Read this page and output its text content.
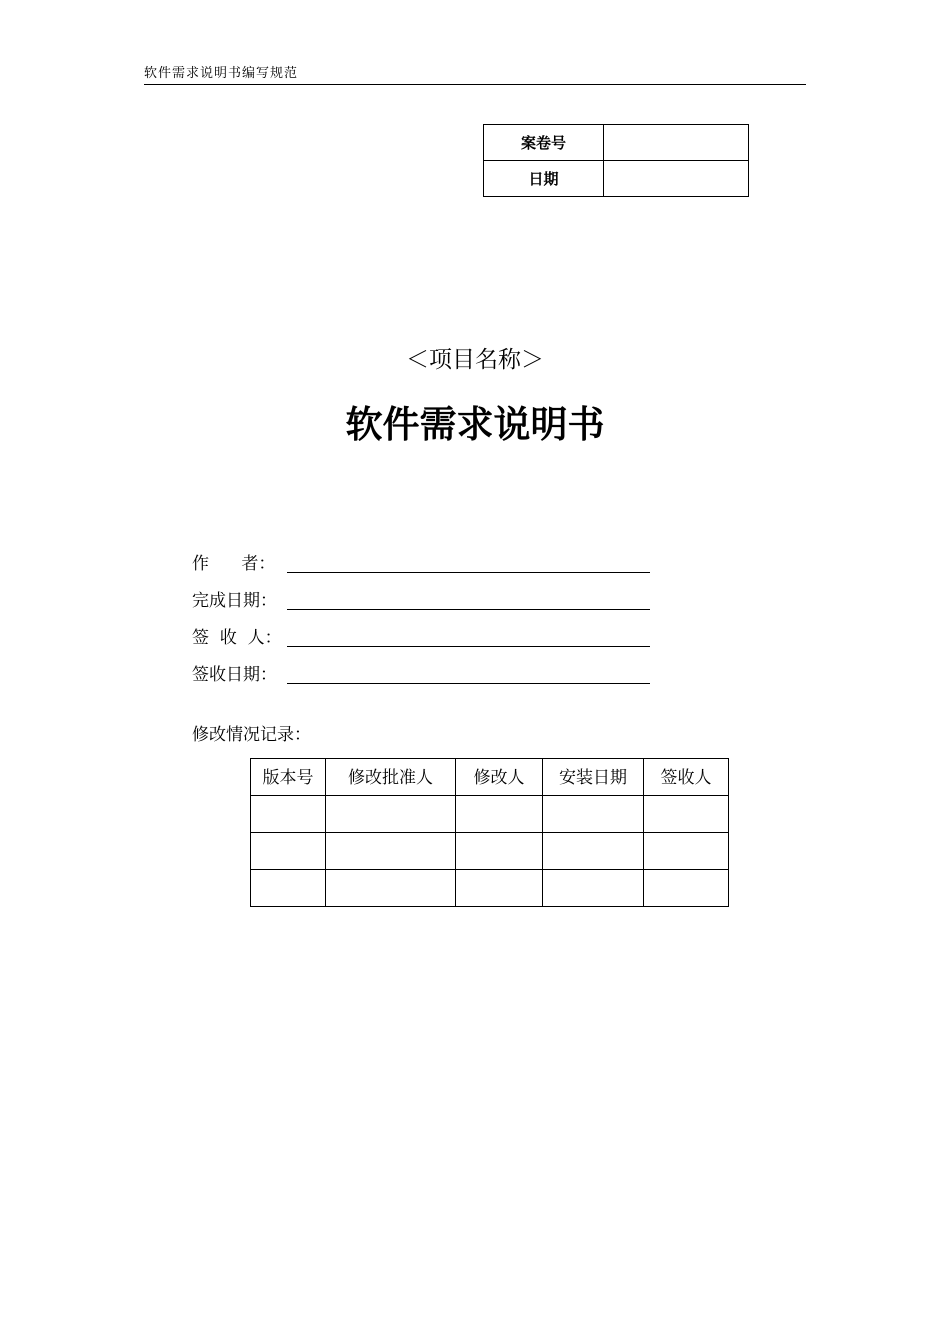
软件需求说明书编写规范
案卷号	
日期	
＜项目名称＞
软件需求说明书
作      者：
完成日期：
签  收  人：
签收日期：
修改情况记录：
版本号	修改批准人	修改人	安装日期	签收人
